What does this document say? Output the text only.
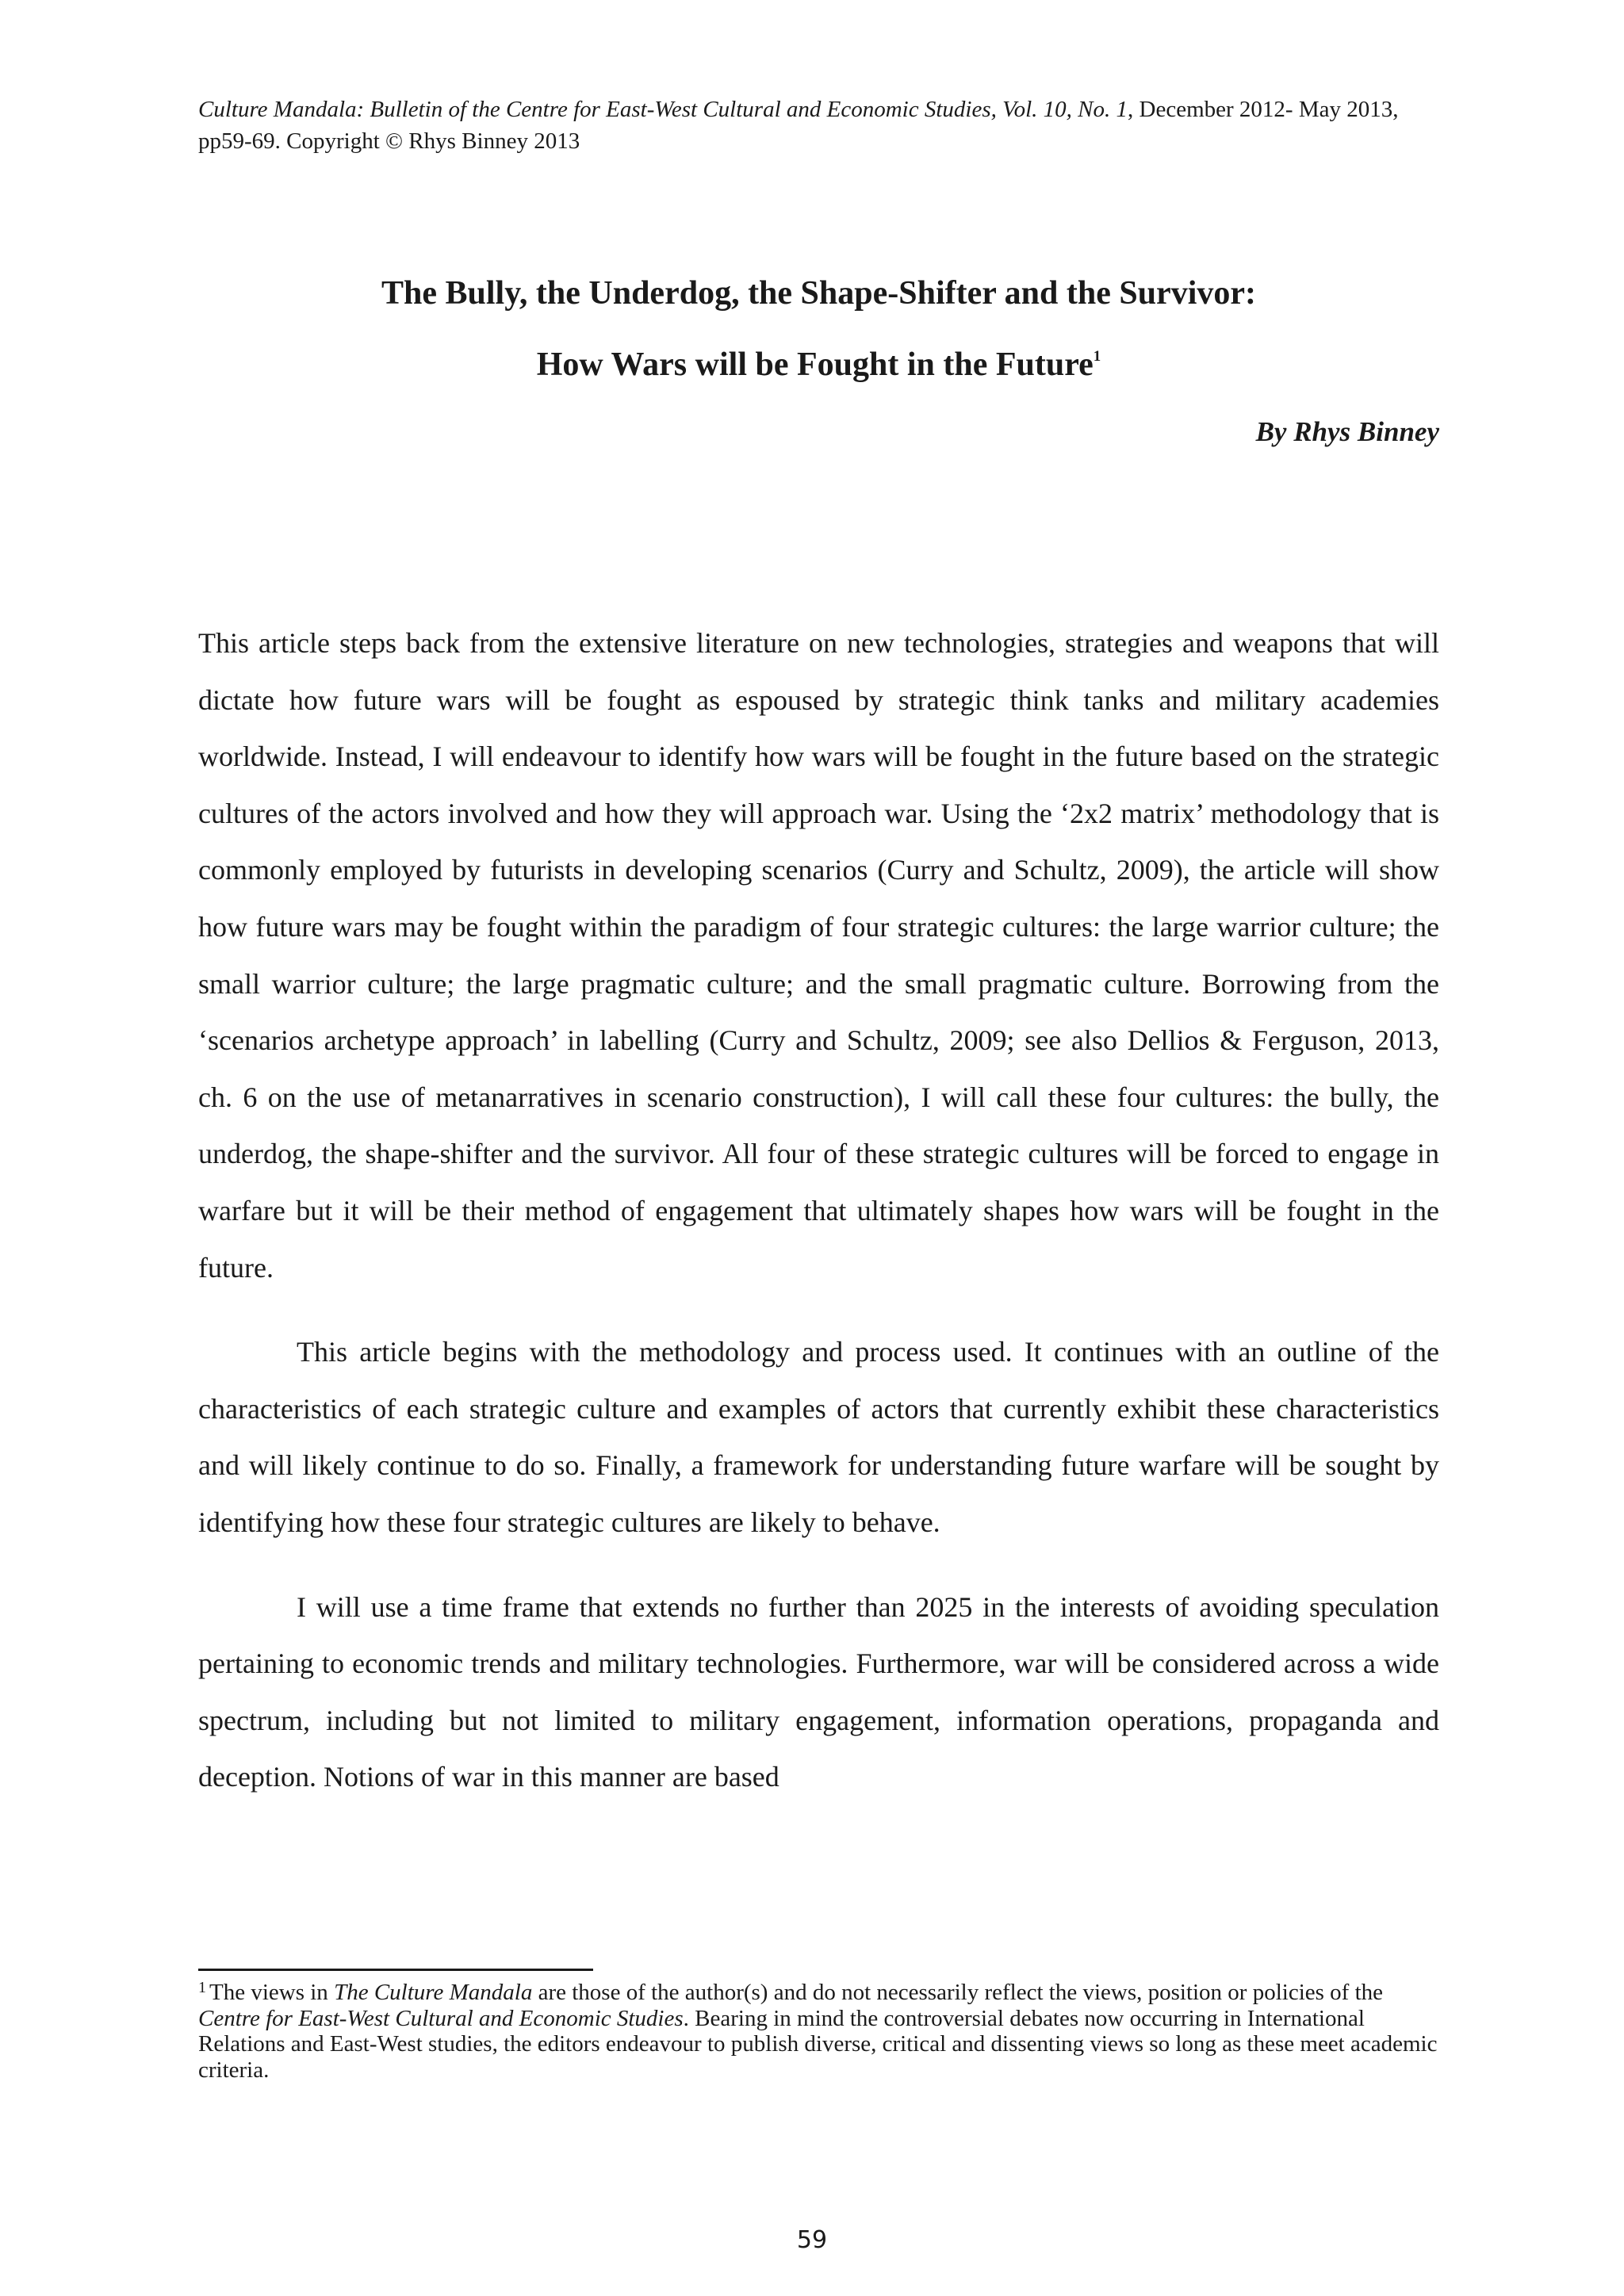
Culture Mandala: Bulletin of the Centre for East-West Cultural and Economic Studies, Vol. 10, No. 1, December 2012- May 2013, pp59-69. Copyright © Rhys Binney 2013
The Bully, the Underdog, the Shape-Shifter and the Survivor:
How Wars will be Fought in the Future$^1$
By Rhys Binney

This article steps back from the extensive literature on new technologies, strategies and weapons that will dictate how future wars will be fought as espoused by strategic think tanks and military academies worldwide. Instead, I will endeavour to identify how wars will be fought in the future based on the strategic cultures of the actors involved and how they will approach war. Using the ‘2x2 matrix’ methodology that is commonly employed by futurists in developing scenarios (Curry and Schultz, 2009), the article will show how future wars may be fought within the paradigm of four strategic cultures: the large warrior culture; the small warrior culture; the large pragmatic culture; and the small pragmatic culture. Borrowing from the ‘scenarios archetype approach’ in labelling (Curry and Schultz, 2009; see also Dellios & Ferguson, 2013, ch. 6 on the use of metanarratives in scenario construction), I will call these four cultures: the bully, the underdog, the shape-shifter and the survivor. All four of these strategic cultures will be forced to engage in warfare but it will be their method of engagement that ultimately shapes how wars will be fought in the future.

This article begins with the methodology and process used. It continues with an outline of the characteristics of each strategic culture and examples of actors that currently exhibit these characteristics and will likely continue to do so. Finally, a framework for understanding future warfare will be sought by identifying how these four strategic cultures are likely to behave.

I will use a time frame that extends no further than 2025 in the interests of avoiding speculation pertaining to economic trends and military technologies. Furthermore, war will be considered across a wide spectrum, including but not limited to military engagement, information operations, propaganda and deception. Notions of war in this manner are based

$^1$ The views in The Culture Mandala are those of the author(s) and do not necessarily reflect the views, position or policies of the Centre for East-West Cultural and Economic Studies. Bearing in mind the controversial debates now occurring in International Relations and East-West studies, the editors endeavour to publish diverse, critical and dissenting views so long as these meet academic criteria.
59
